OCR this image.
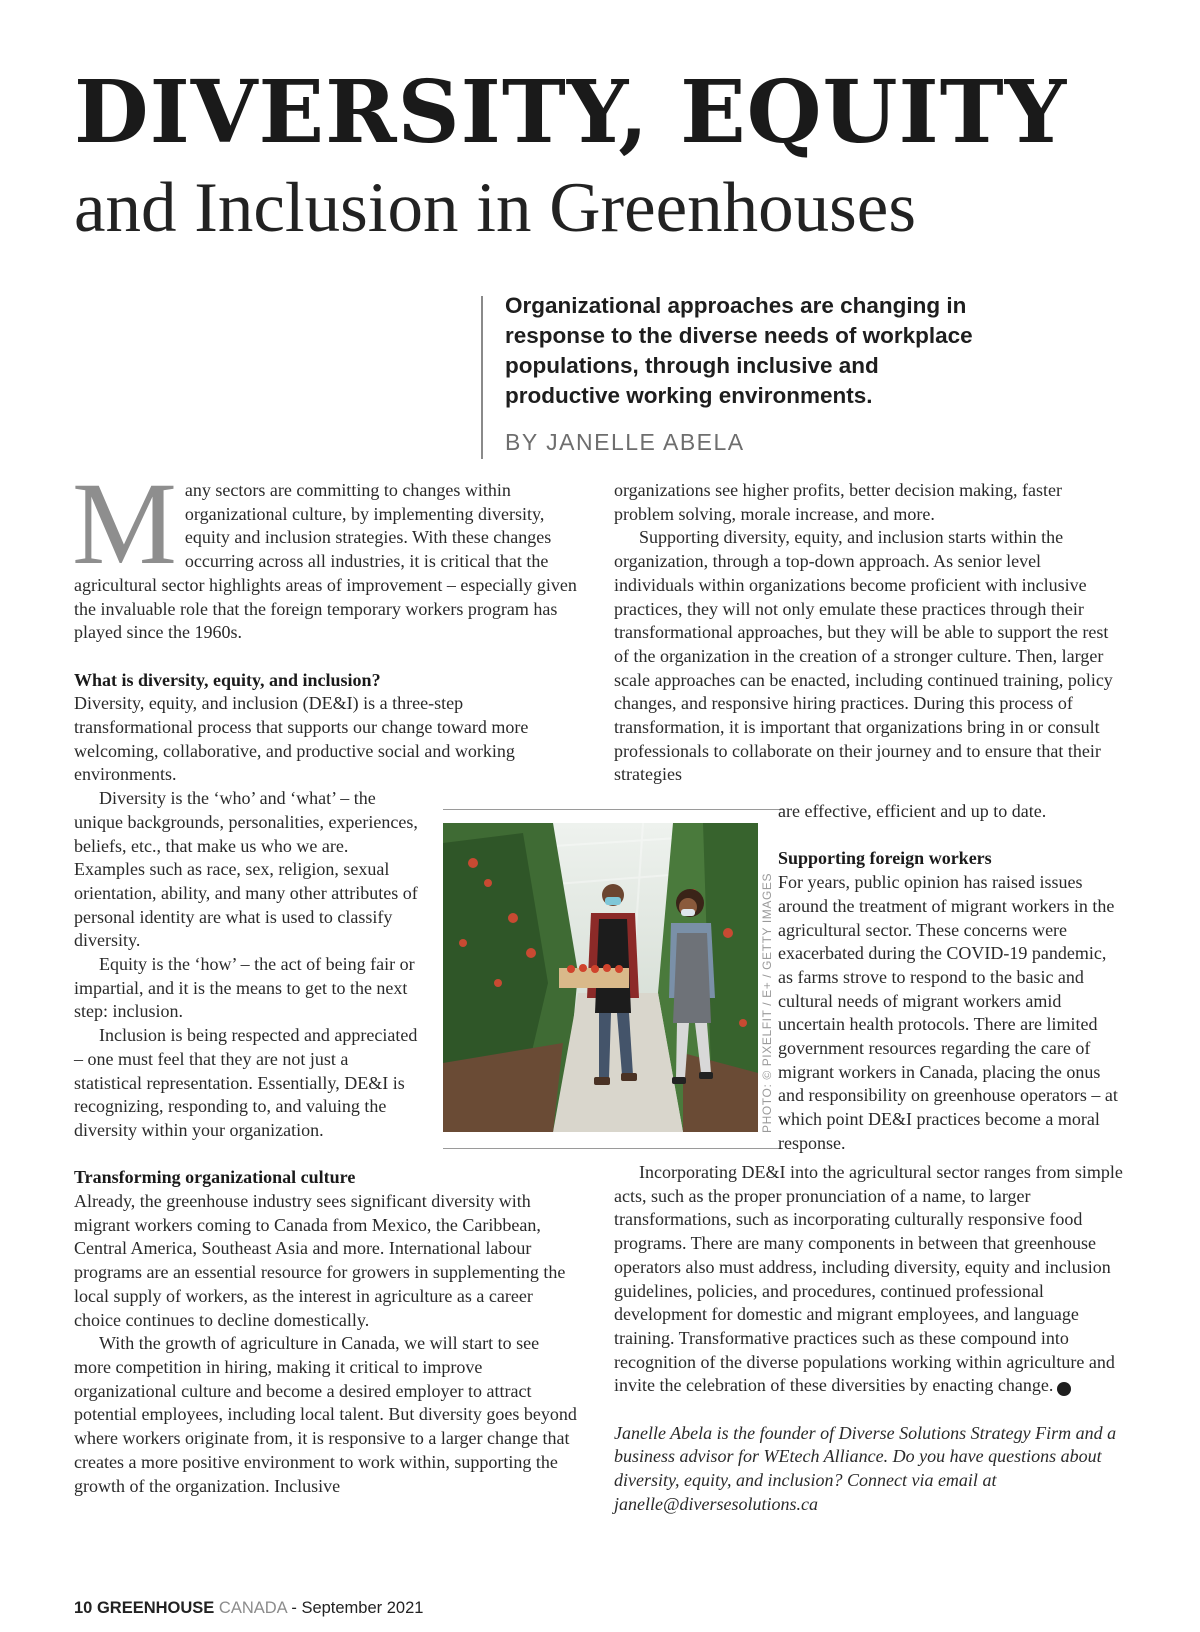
DIVERSITY, EQUITY
and Inclusion in Greenhouses
Organizational approaches are changing in response to the diverse needs of workplace populations, through inclusive and productive working environments.
BY JANELLE ABELA

Many sectors are committing to changes within organizational culture, by implementing diversity, equity and inclusion strategies. With these changes occurring across all industries, it is critical that the agricultural sector highlights areas of improvement – especially given the invaluable role that the foreign temporary workers program has played since the 1960s.

What is diversity, equity, and inclusion?

Diversity, equity, and inclusion (DE&I) is a three-step transformational process that supports our change toward more welcoming, collaborative, and productive social and working environments.

Diversity is the ‘who’ and ‘what’ – the unique backgrounds, personalities, experiences, beliefs, etc., that make us who we are. Examples such as race, sex, religion, sexual orientation, ability, and many other attributes of personal identity are what is used to classify diversity.

Equity is the ‘how’ – the act of being fair or impartial, and it is the means to get to the next step: inclusion.

Inclusion is being respected and appreciated – one must feel that they are not just a statistical representation. Essentially, DE&I is recognizing, responding to, and valuing the diversity within your organization.

Transforming organizational culture

Already, the greenhouse industry sees significant diversity with migrant workers coming to Canada from Mexico, the Caribbean, Central America, Southeast Asia and more. International labour programs are an essential resource for growers in supplementing the local supply of workers, as the interest in agriculture as a career choice continues to decline domestically.

With the growth of agriculture in Canada, we will start to see more competition in hiring, making it critical to improve organizational culture and become a desired employer to attract potential employees, including local talent. But diversity goes beyond where workers originate from, it is responsive to a larger change that creates a more positive environment to work within, supporting the growth of the organization. Inclusive

organizations see higher profits, better decision making, faster problem solving, morale increase, and more.

Supporting diversity, equity, and inclusion starts within the organization, through a top-down approach. As senior level individuals within organizations become proficient with inclusive practices, they will not only emulate these practices through their transformational approaches, but they will be able to support the rest of the organization in the creation of a stronger culture. Then, larger scale approaches can be enacted, including continued training, policy changes, and responsive hiring practices. During this process of transformation, it is important that organizations bring in or consult professionals to collaborate on their journey and to ensure that their strategies

PHOTO: © PIXELFIT / E+ / GETTY IMAGES

are effective, efficient and up to date.

Supporting foreign workers

For years, public opinion has raised issues around the treatment of migrant workers in the agricultural sector. These concerns were exacerbated during the COVID-19 pandemic, as farms strove to respond to the basic and cultural needs of migrant workers amid uncertain health protocols. There are limited government resources regarding the care of migrant workers in Canada, placing the onus and responsibility on greenhouse operators – at which point DE&I practices become a moral response.

Incorporating DE&I into the agricultural sector ranges from simple acts, such as the proper pronunciation of a name, to larger transformations, such as incorporating culturally responsive food programs. There are many components in between that greenhouse operators also must address, including diversity, equity and inclusion guidelines, policies, and procedures, continued professional development for domestic and migrant employees, and language training. Transformative practices such as these compound into recognition of the diverse populations working within agriculture and invite the celebration of these diversities by enacting change.	GC

Janelle Abela is the founder of Diverse Solutions Strategy Firm and a business advisor for WEtech Alliance. Do you have questions about diversity, equity, and inclusion? Connect via email at janelle@diversesolutions.ca

10 GREENHOUSE CANADA - September 2021
